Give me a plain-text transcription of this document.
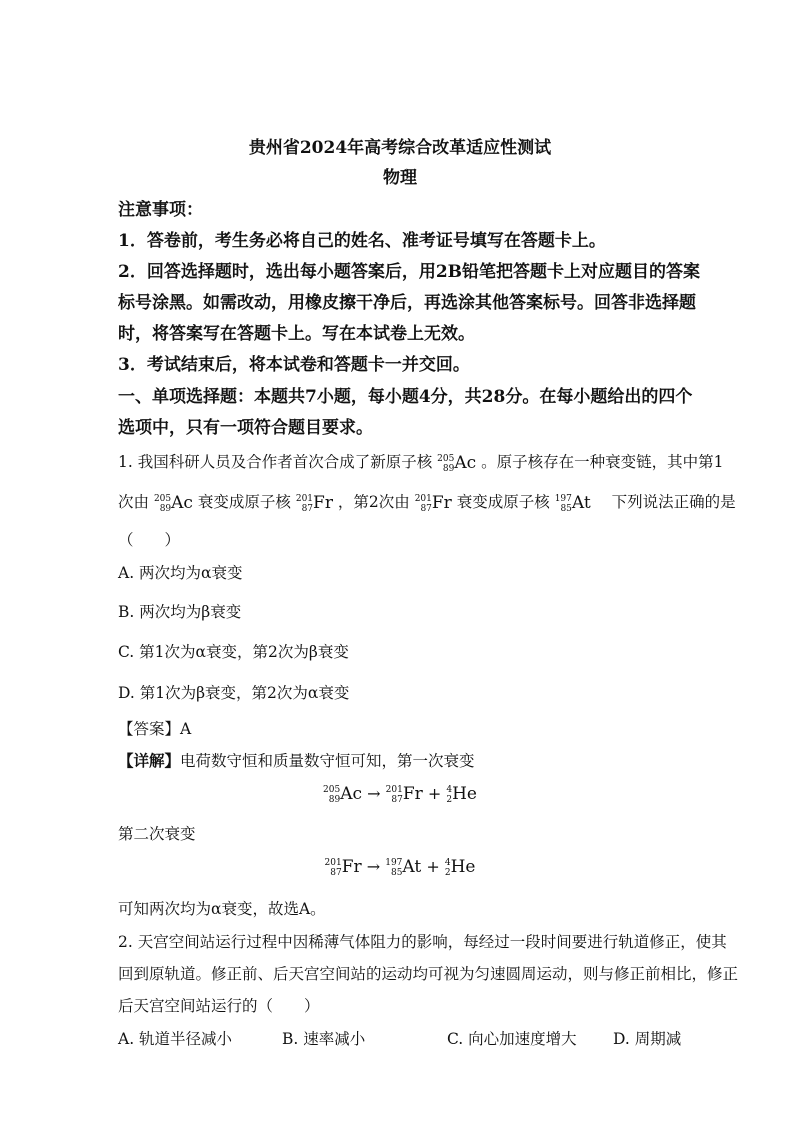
贵州省2024年高考综合改革适应性测试
物理
注意事项：
1．答卷前，考生务必将自己的姓名、准考证号填写在答题卡上。
2．回答选择题时，选出每小题答案后，用2B铅笔把答题卡上对应题目的答案
标号涂黑。如需改动，用橡皮擦干净后，再选涂其他答案标号。回答非选择题
时，将答案写在答题卡上。写在本试卷上无效。
3．考试结束后，将本试卷和答题卡一并交回。
一、单项选择题：本题共7小题，每小题4分，共28分。在每小题给出的四个
选项中，只有一项符合题目要求。
1. 我国科研人员及合作者首次合成了新原子核 205
89 Ac 。原子核存在一种衰变链，其中第1
次由 205
89 Ac 衰变成原子核 201
87 Fr ，第2次由 201
87 Fr 衰变成原子核 197
85 At 下列说法正确的是
（　　）
A. 两次均为α衰变
B. 两次均为β衰变
C. 第1次为α衰变，第2次为β衰变
D. 第1次为β衰变，第2次为α衰变
【答案】A
【详解】电荷数守恒和质量数守恒可知，第一次衰变
205
89 Ac → 201
87 Fr + 4
2 He
第二次衰变
201
87 Fr → 197
85 At + 4
2 He
可知两次均为α衰变，故选A。
2. 天宫空间站运行过程中因稀薄气体阻力的影响，每经过一段时间要进行轨道修正，使其
回到原轨道。修正前、后天宫空间站的运动均可视为匀速圆周运动，则与修正前相比，修正
后天宫空间站运行的（　　）
A. 轨道半径减小	B. 速率减小	C. 向心加速度增大 D. 周期减
